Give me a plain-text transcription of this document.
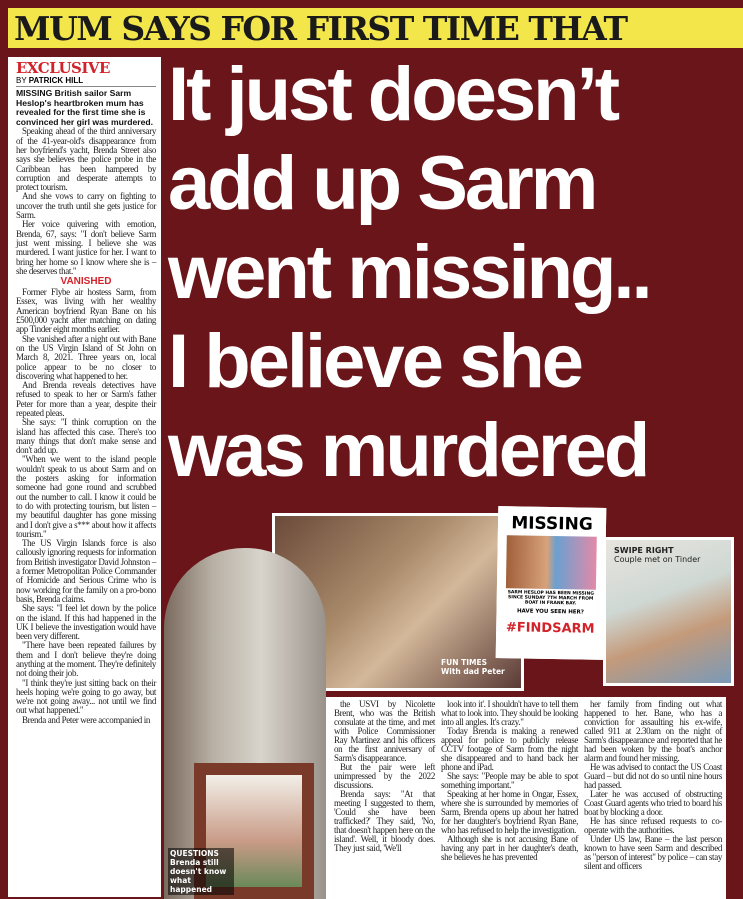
MUM SAYS FOR FIRST TIME THAT
EXCLUSIVE
BY PATRICK HILL
MISSING British sailor Sarm Heslop's heartbroken mum has revealed for the first time she is convinced her girl was murdered.

Speaking ahead of the third anniversary of the 41-year-old's disappearance from her boyfriend's yacht, Brenda Street also says she believes the police probe in the Caribbean has been hampered by corruption and desperate attempts to protect tourism.

And she vows to carry on fighting to uncover the truth until she gets justice for Sarm.

Her voice quivering with emotion, Brenda, 67, says: "I don't believe Sarm just went missing. I believe she was murdered. I want justice for her. I want to bring her home so I know where she is – she deserves that."

VANISHED

Former Flybe air hostess Sarm, from Essex, was living with her wealthy American boyfriend Ryan Bane on his £500,000 yacht after matching on dating app Tinder eight months earlier.

She vanished after a night out with Bane on the US Virgin Island of St John on March 8, 2021. Three years on, local police appear to be no closer to discovering what happened to her.

And Brenda reveals detectives have refused to speak to her or Sarm's father Peter for more than a year, despite their repeated pleas.

She says: "I think corruption on the island has affected this case. There's too many things that don't make sense and don't add up.

"When we went to the island people wouldn't speak to us about Sarm and on the posters asking for information someone had gone round and scrubbed out the number to call. I know it could be to do with protecting tourism, but listen – my beautiful daughter has gone missing and I don't give a s*** about how it affects tourism."

The US Virgin Islands force is also callously ignoring requests for information from British investigator David Johnston – a former Metropolitan Police Commander of Homicide and Serious Crime who is now working for the family on a pro-bono basis, Brenda claims.

She says: "I feel let down by the police on the island. If this had happened in the UK I believe the investigation would have been very different.

"There have been repeated failures by them and I don't believe they're doing anything at the moment. They're definitely not doing their job.

"I think they're just sitting back on their heels hoping we're going to go away, but we're not going away... not until we find out what happened."

Brenda and Peter were accompanied in

It just doesn’t
add up Sarm
went missing..
I believe she
was murdered
FUN TIMES
With dad Peter
MISSING
SARM HESLOP HAS BEEN MISSING SINCE SUNDAY 7TH MARCH FROM BOAT IN FRANK BAY.
HAVE YOU SEEN HER?
#FINDSARM
SWIPE RIGHT
Couple met on Tinder
QUESTIONS
Brenda still doesn't know what happened

the USVI by Nicolette Brent, who was the British consulate at the time, and met with Police Commissioner Ray Martinez and his officers on the first anniversary of Sarm's disappearance.

But the pair were left unimpressed by the 2022 discussions.

Brenda says: "At that meeting I suggested to them, 'Could she have been trafficked?' They said, 'No, that doesn't happen here on the island'. Well, it bloody does. They just said, 'We'll

look into it'. I shouldn't have to tell them what to look into. They should be looking into all angles. It's crazy."

Today Brenda is making a renewed appeal for police to publicly release CCTV footage of Sarm from the night she disappeared and to hand back her phone and iPad.

She says: "People may be able to spot something important."

Speaking at her home in Ongar, Essex, where she is surrounded by memories of Sarm, Brenda opens up about her hatred for her daughter's boyfriend Ryan Bane, who has refused to help the investigation.

Although she is not accusing Bane of having any part in her daughter's death, she believes he has prevented

her family from finding out what happened to her. Bane, who has a conviction for assaulting his ex-wife, called 911 at 2.30am on the night of Sarm's disappearance and reported that he had been woken by the boat's anchor alarm and found her missing.

He was advised to contact the US Coast Guard – but did not do so until nine hours had passed.

Later he was accused of obstructing Coast Guard agents who tried to board his boat by blocking a door.

He has since refused requests to co-operate with the authorities.

Under US law, Bane – the last person known to have seen Sarm and described as "person of interest" by police – can stay silent and officers
